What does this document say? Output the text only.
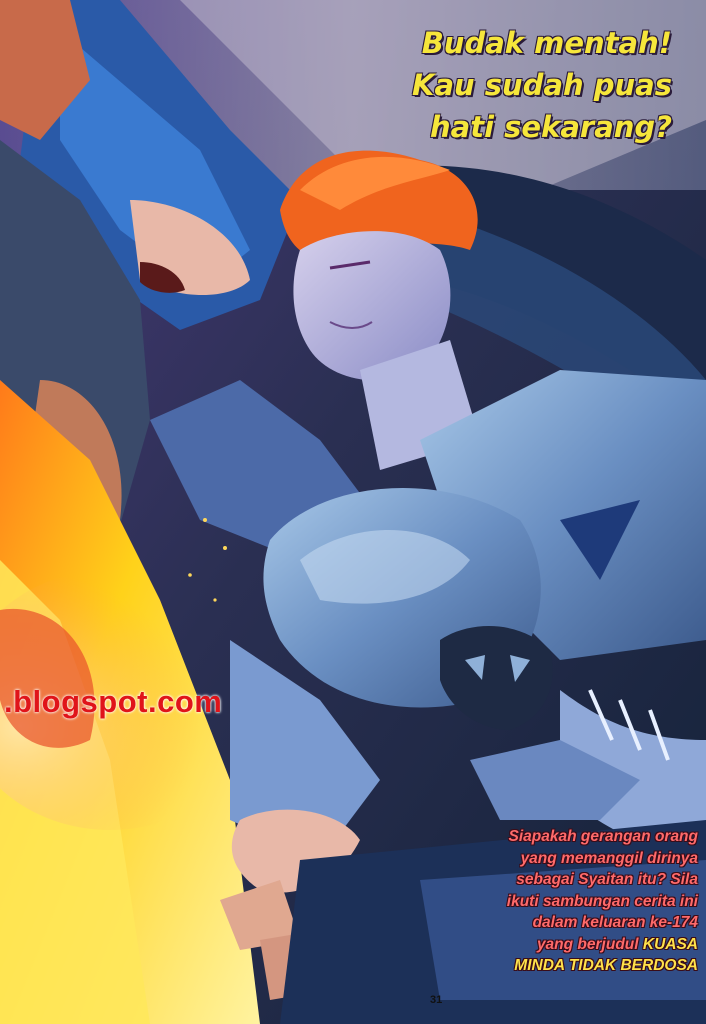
Budak mentah!
Kau sudah puas
hati sekarang?
.blogspot.com
Siapakah gerangan orang
yang memanggil dirinya
sebagai Syaitan itu? Sila
ikuti sambungan cerita ini
dalam keluaran ke-174
yang berjudul KUASA
MINDA TIDAK BERDOSA
31
